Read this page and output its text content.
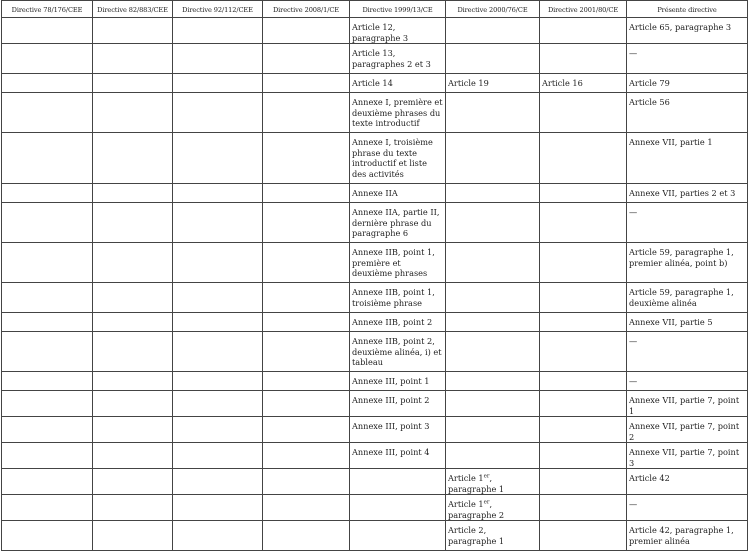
Directive 78/176/CEE	Directive 82/883/CEE	Directive 92/112/CEE	Directive 2008/1/CE	Directive 1999/13/CE	Directive 2000/76/CE	Directive 2001/80/CE	Présente directive
				Article 12, paragraphe 3			Article 65, paragraphe 3
				Article 13, paragraphes 2 et 3			—
				Article 14	Article 19	Article 16	Article 79
				Annexe I, première et deuxième phrases du texte introductif			Article 56
				Annexe I, troisième phrase du texte introductif et liste des activités			Annexe VII, partie 1
				Annexe IIA			Annexe VII, parties 2 et 3
				Annexe IIA, partie II, dernière phrase du paragraphe 6			—
				Annexe IIB, point 1, première et deuxième phrases			Article 59, paragraphe 1, premier alinéa, point b)
				Annexe IIB, point 1, troisième phrase			Article 59, paragraphe 1, deuxième alinéa
				Annexe IIB, point 2			Annexe VII, partie 5
				Annexe IIB, point 2, deuxième alinéa, i) et tableau			—
				Annexe III, point 1			—
				Annexe III, point 2			Annexe VII, partie 7, point 1
				Annexe III, point 3			Annexe VII, partie 7, point 2
				Annexe III, point 4			Annexe VII, partie 7, point 3
					Article 1er, paragraphe 1		Article 42
					Article 1er, paragraphe 2		—
					Article 2, paragraphe 1		Article 42, paragraphe 1, premier alinéa
